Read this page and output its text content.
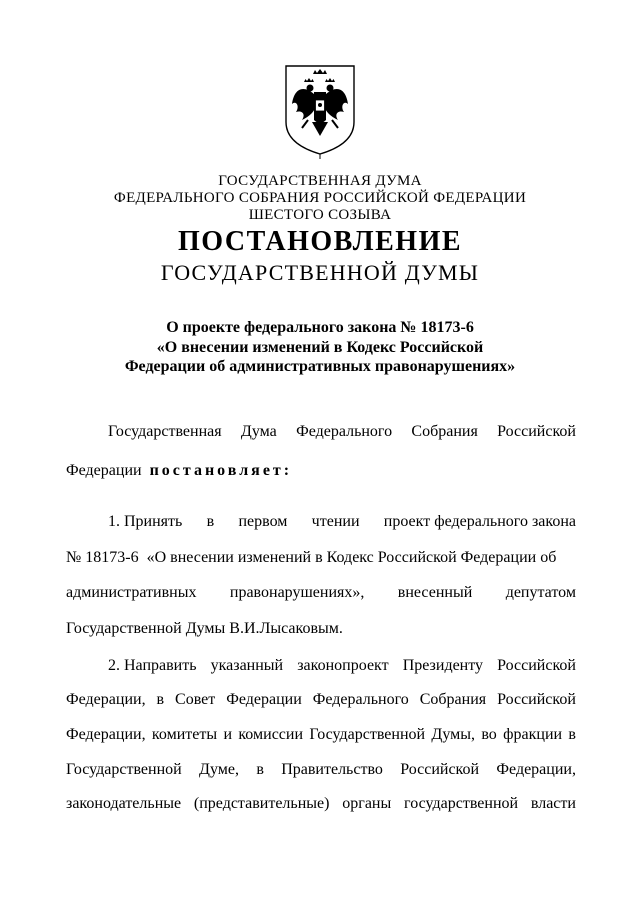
ГОСУДАРСТВЕННАЯ ДУМА
ФЕДЕРАЛЬНОГО СОБРАНИЯ РОССИЙСКОЙ ФЕДЕРАЦИИ
ШЕСТОГО СОЗЫВА
ПОСТАНОВЛЕНИЕ
ГОСУДАРСТВЕННОЙ ДУМЫ
О проекте федерального закона № 18173-6
«О внесении изменений в Кодекс Российской
Федерации об административных правонарушениях»
Государственная Дума Федерального Собрания Российской
Федерации постановляет:
1. Принять в первом чтении проект федерального закона
№ 18173-6  «О внесении изменений в Кодекс Российской Федерации об
административных правонарушениях», внесенный депутатом
Государственной Думы В.И.Лысаковым.
2. Направить указанный законопроект Президенту Российской
Федерации, в Совет Федерации Федерального Собрания Российской
Федерации, комитеты и комиссии Государственной Думы, во фракции в
Государственной Думе, в Правительство Российской Федерации,
законодательные (представительные) органы государственной власти
